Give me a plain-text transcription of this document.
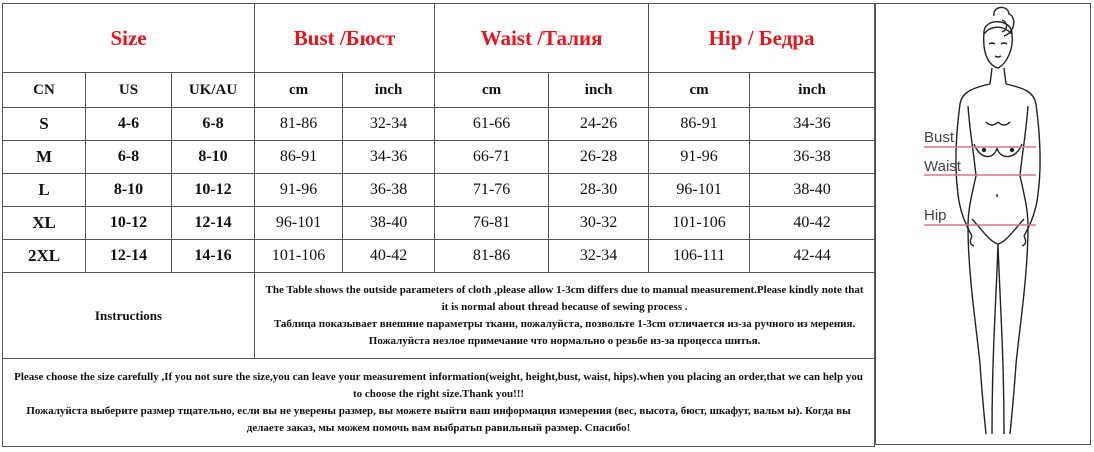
Size			Bust /Бюст		Waist /Талия		Hip / Бедра	
CN	US	UK/AU	cm	inch	cm	inch	cm	inch
S	4-6	6-8	81-86	32-34	61-66	24-26	86-91	34-36
M	6-8	8-10	86-91	34-36	66-71	26-28	91-96	36-38
L	8-10	10-12	91-96	36-38	71-76	28-30	96-101	38-40
XL	10-12	12-14	96-101	38-40	76-81	30-32	101-106	40-42
2XL	12-14	14-16	101-106	40-42	81-86	32-34	106-111	42-44
Instructions			The Table shows the outside parameters of cloth ,please allow 1-3cm differs due to manual measurement.Please kindly note that it is normal about thread because of sewing process .
Таблица показывает внешние параметры ткани, пожалуйста, позвольте 1-3cm отличается из-за ручного из мерения. Пожалуйста незлое примечание что нормально о резьбе из-за процесса шитья.					

Please choose the size carefully ,If you not sure the size,you can leave your measurement information(weight, height,bust, waist, hips).when you placing an order,that we can help you to choose the right size.Thank you!!!
Пожалуйста выберите размер тщательно, если вы не уверены размер, вы можете выйти ваш информация измерения (вес, высота, бюст, шкафут, вальм ы). Когда вы делаете заказ, мы можем помочь вам выбратьп равильный размер. Спасибо!								
Bust
Waist
Hip
